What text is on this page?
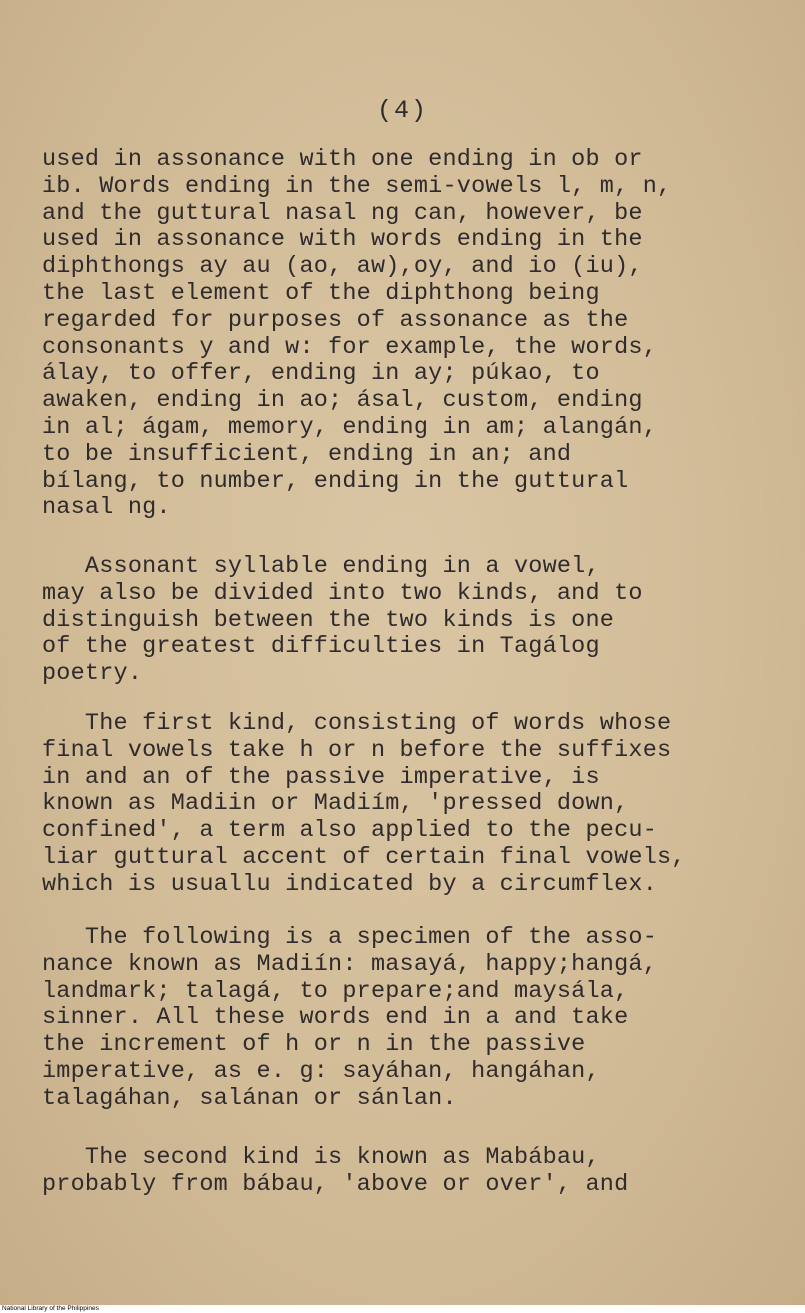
(4)
used in assonance with one ending in ob or
ib. Words ending in the semi-vowels l, m, n,
and the guttural nasal ng can, however, be
used in assonance with words ending in the
diphthongs ay au (ao, aw),oy, and io (iu),
the last element of the diphthong being
regarded for purposes of assonance as the
consonants y and w: for example, the words,
álay, to offer, ending in ay; púkao, to
awaken, ending in ao; ásal, custom, ending
in al; ágam, memory, ending in am; alangán,
to be insufficient, ending in an; and
bílang, to number, ending in the guttural
nasal ng.
Assonant syllable ending in a vowel,
may also be divided into two kinds, and to
distinguish between the two kinds is one
of the greatest difficulties in Tagálog
poetry.
The first kind, consisting of words whose
final vowels take h or n before the suffixes
in and an of the passive imperative, is
known as Madiin or Madiím, 'pressed down,
confined', a term also applied to the pecu-
liar guttural accent of certain final vowels,
which is usuallu indicated by a circumflex.
The following is a specimen of the asso-
nance known as Madiín: masayá, happy;hangá,
landmark; talagá, to prepare;and maysála,
sinner. All these words end in a and take
the increment of h or n in the passive
imperative, as e. g: sayáhan, hangáhan,
talagáhan, salánan or sánlan.
The second kind is known as Mabábau,
probably from bábau, 'above or over', and
National Library of the Philippines
